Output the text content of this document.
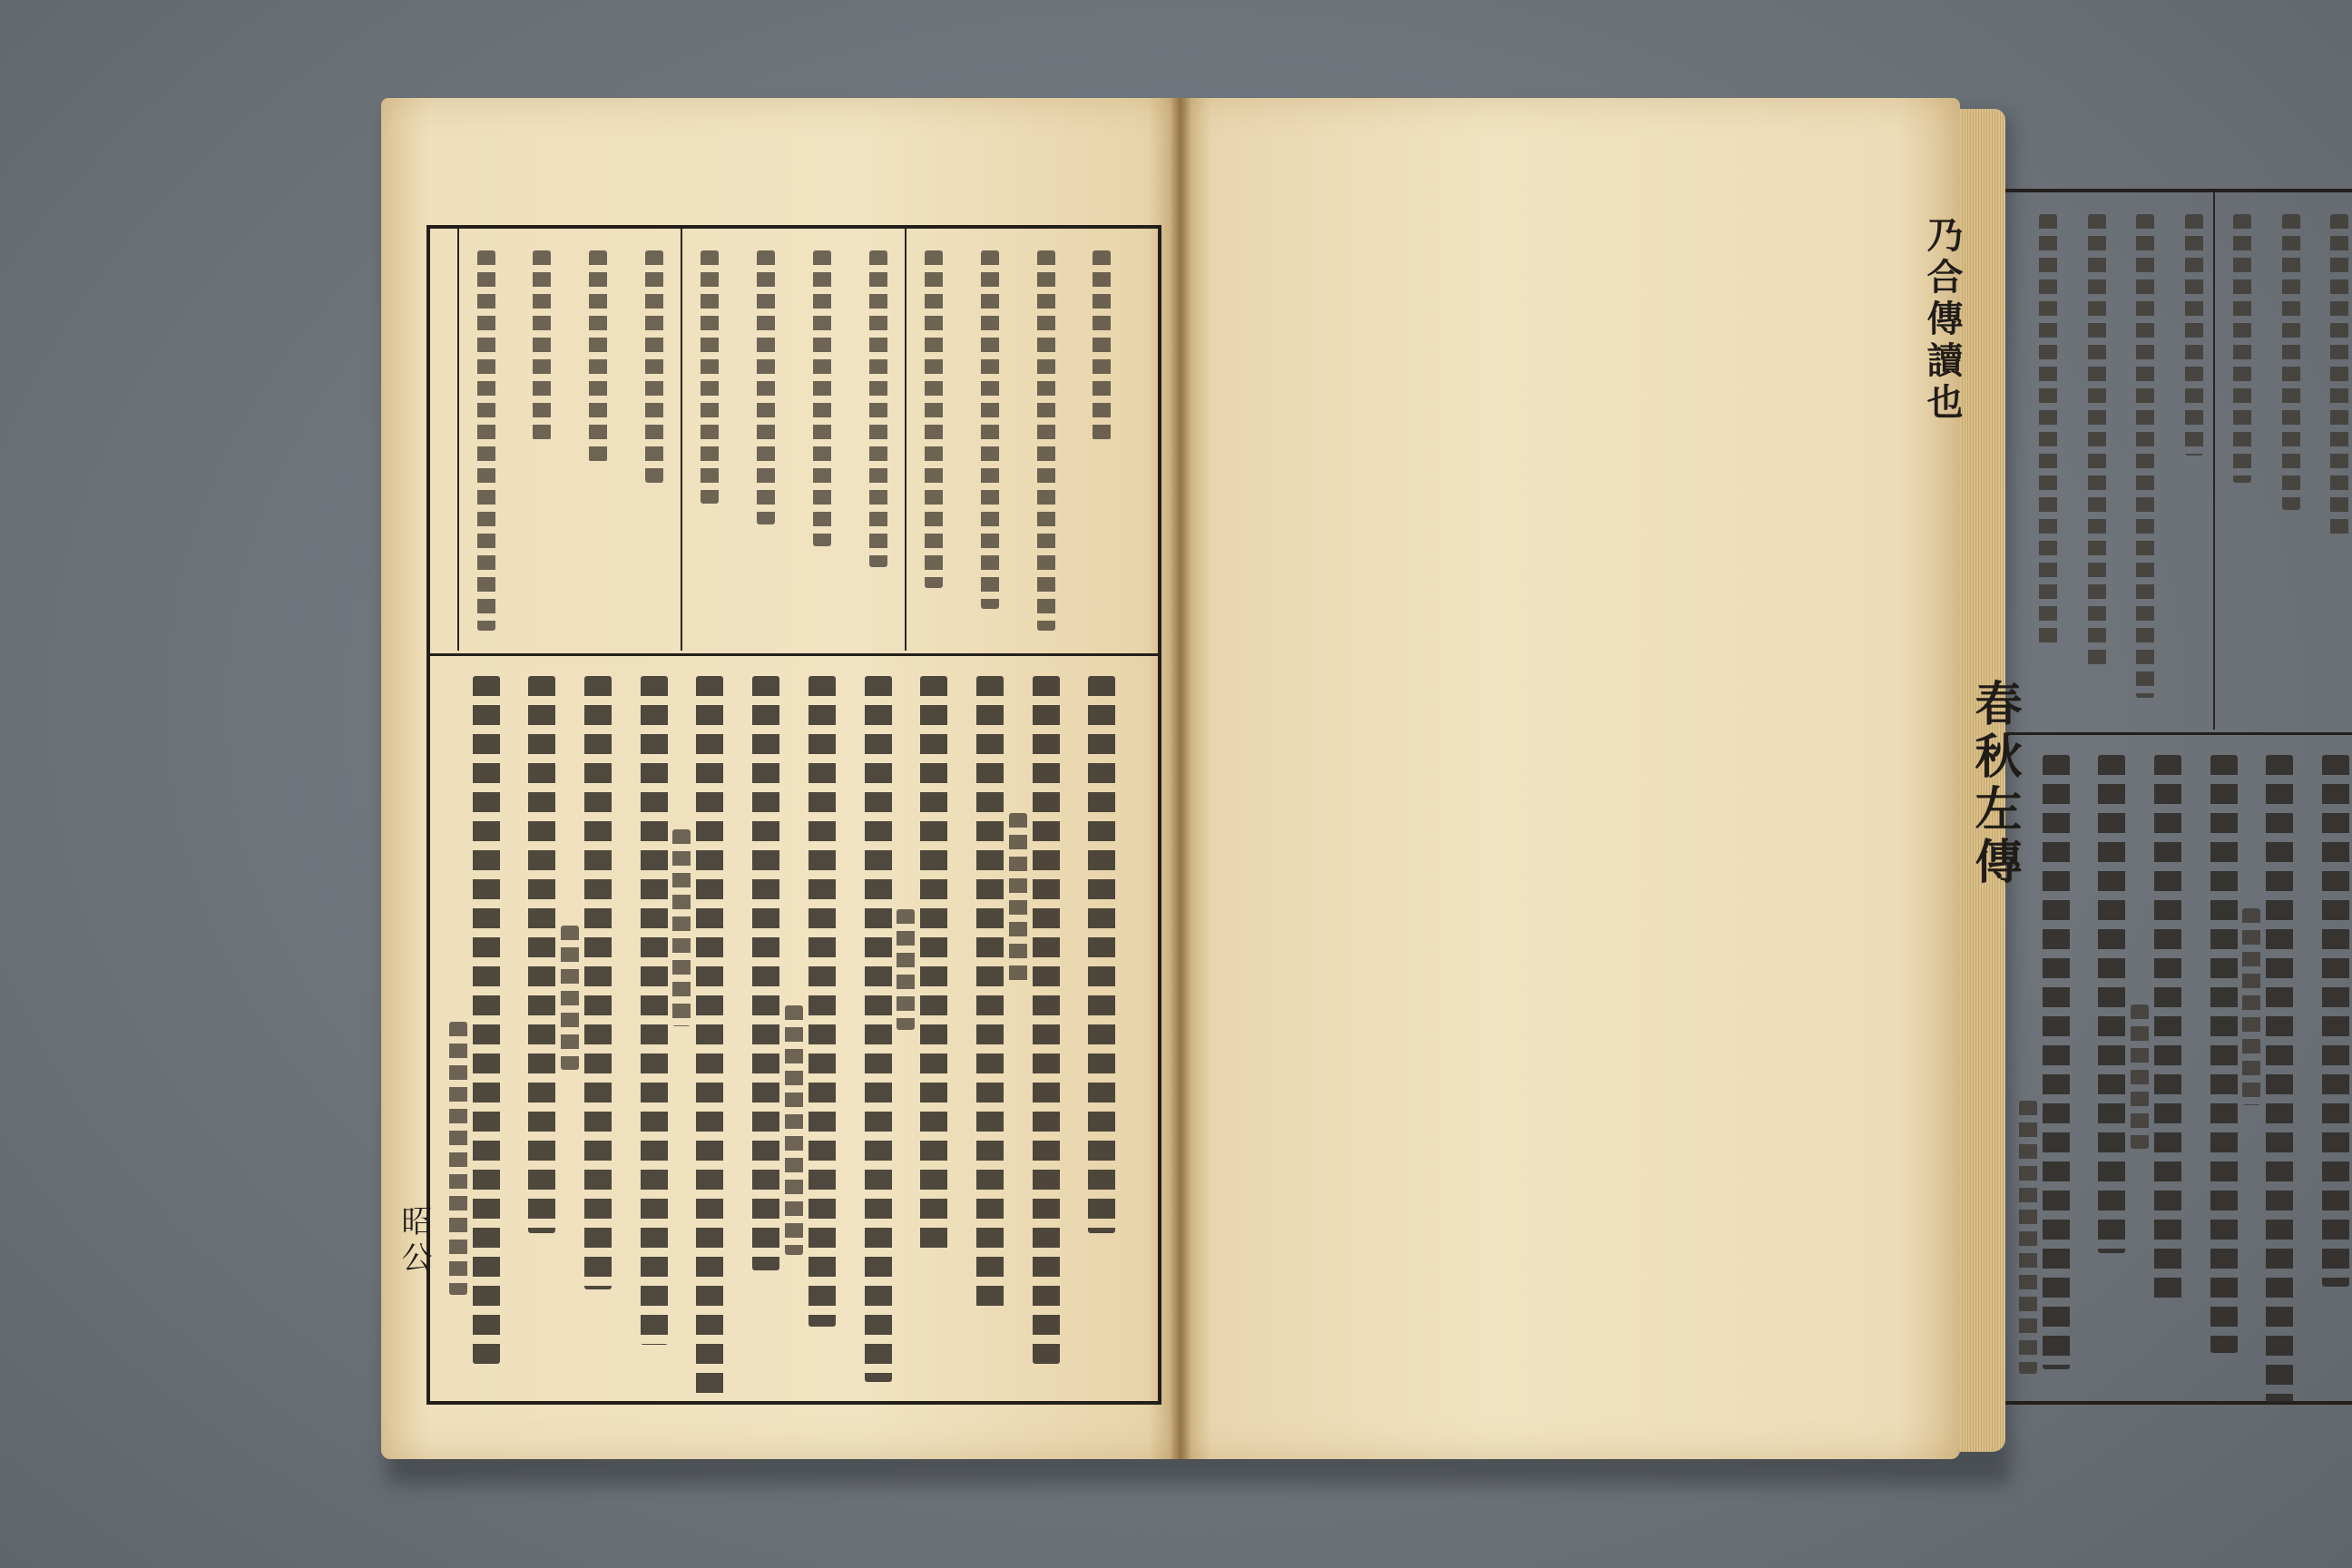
昭公
乃合傳讀也
春秋左傳
